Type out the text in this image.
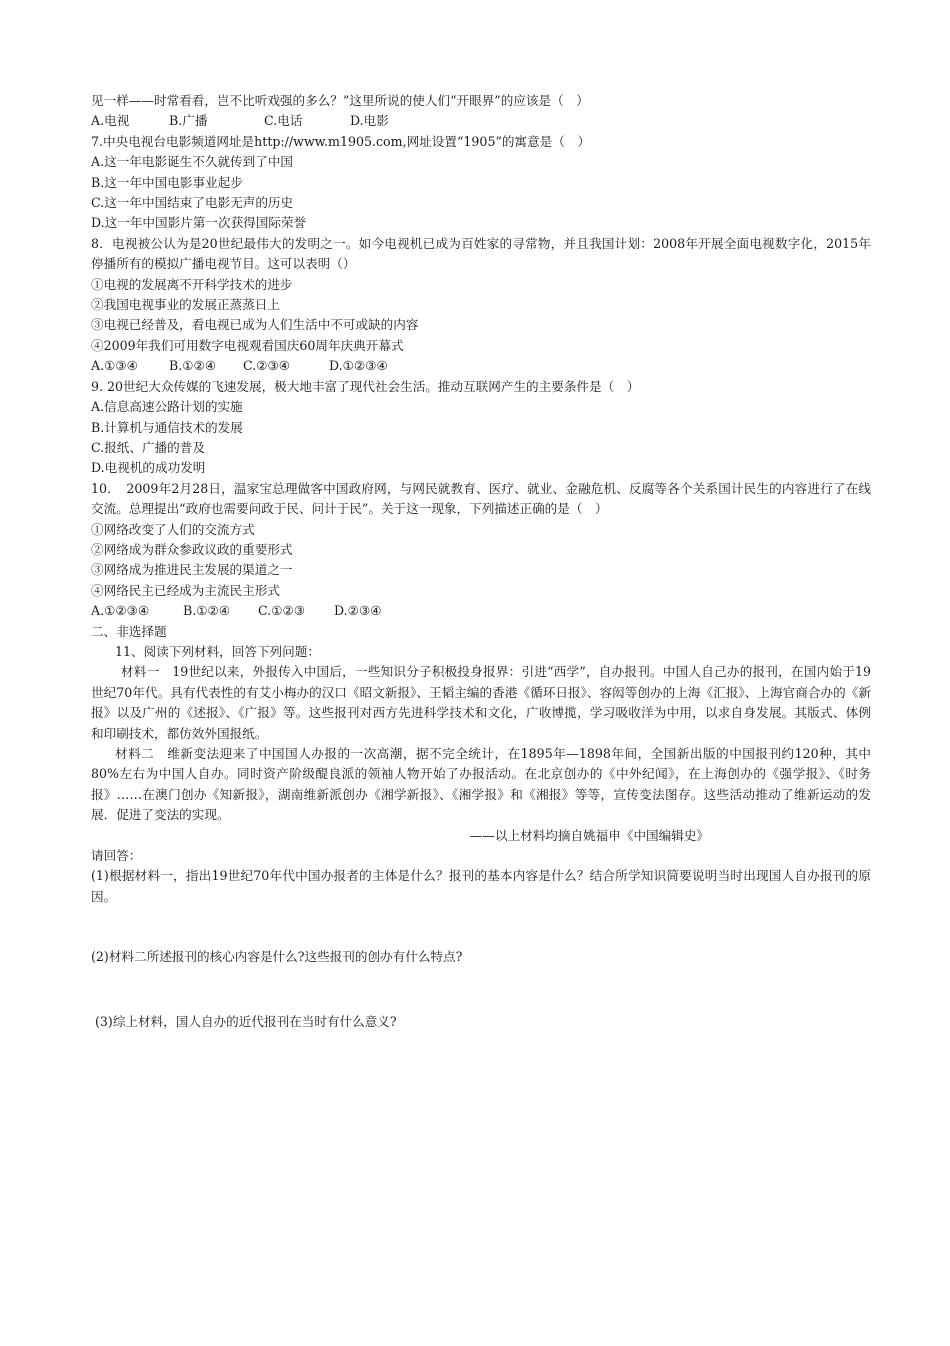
见一样——时常看看，岂不比听戏强的多么？”这里所说的使人们“开眼界”的应该是（　）
A.电视	B.广播	C.电话	D.电影
7.中央电视台电影频道网址是http://www.m1905.com,网址设置“1905”的寓意是（　）
A.这一年电影诞生不久就传到了中国
B.这一年中国电影事业起步
C.这一年中国结束了电影无声的历史
D.这一年中国影片第一次获得国际荣誉
8．电视被公认为是20世纪最伟大的发明之一。如今电视机已成为百姓家的寻常物，并且我国计划：2008年开展全面电视数字化，2015年停播所有的模拟广播电视节目。这可以表明（）
①电视的发展离不开科学技术的进步
②我国电视事业的发展正蒸蒸日上
③电视已经普及，看电视已成为人们生活中不可或缺的内容
④2009年我们可用数字电视观看国庆60周年庆典开幕式
A.①③④ B.①②④ C.②③④	D.①②③④
9. 20世纪大众传媒的飞速发展，极大地丰富了现代社会生活。推动互联网产生的主要条件是（　）
A.信息高速公路计划的实施
B.计算机与通信技术的发展
C.报纸、广播的普及
D.电视机的成功发明
10．　2009年2月28日，温家宝总理做客中国政府网，与网民就教育、医疗、就业、金融危机、反腐等各个关系国计民生的内容进行了在线交流。总理提出“政府也需要问政于民、问计于民”。关于这一现象，下列描述正确的是（　）
①网络改变了人们的交流方式
②网络成为群众参政议政的重要形式
③网络成为推进民主发展的渠道之一
④网络民主已经成为主流民主形式
A.①②③④	B.①②④ C.①②③ D.②③④
二、非选择题
11、阅读下列材料，回答下列问题：
材料一　19世纪以来，外报传入中国后，一些知识分子积极投身报界：引进“西学”，自办报刊。中国人自己办的报刊，在国内始于19世纪70年代。具有代表性的有艾小梅办的汉口《昭文新报》、王韬主编的香港《循环日报》、容闳等创办的上海《汇报》、上海官商合办的《新报》以及广州的《述报》、《广报》等。这些报刊对西方先进科学技术和文化，广收博揽，学习吸收洋为中用，以求自身发展。其版式、体例和印刷技术，都仿效外国报纸。
材料二　维新变法迎来了中国国人办报的一次高潮，据不完全统计，在1895年—1898年间，全国新出版的中国报刊约120种，其中80%左右为中国人自办。同时资产阶级醍良派的领袖人物开始了办报活动。在北京创办的《中外纪闻》，在上海创办的《强学报》、《时务报》……在澳门创办《知新报》，湖南维新派创办《湘学新报》、《湘学报》和《湘报》等等，宣传变法图存。这些活动推动了维新运动的发展．促进了变法的实现。
——以上材料均摘自姚福申《中国编辑史》
请回答：
(1)根据材料一，指出19世纪70年代中国办报者的主体是什么？报刊的基本内容是什么？结合所学知识简要说明当时出现国人自办报刊的原因。
(2)材料二所述报刊的核心内容是什么?这些报刊的创办有什么特点?
(3)综上材料，国人自办的近代报刊在当时有什么意义?
